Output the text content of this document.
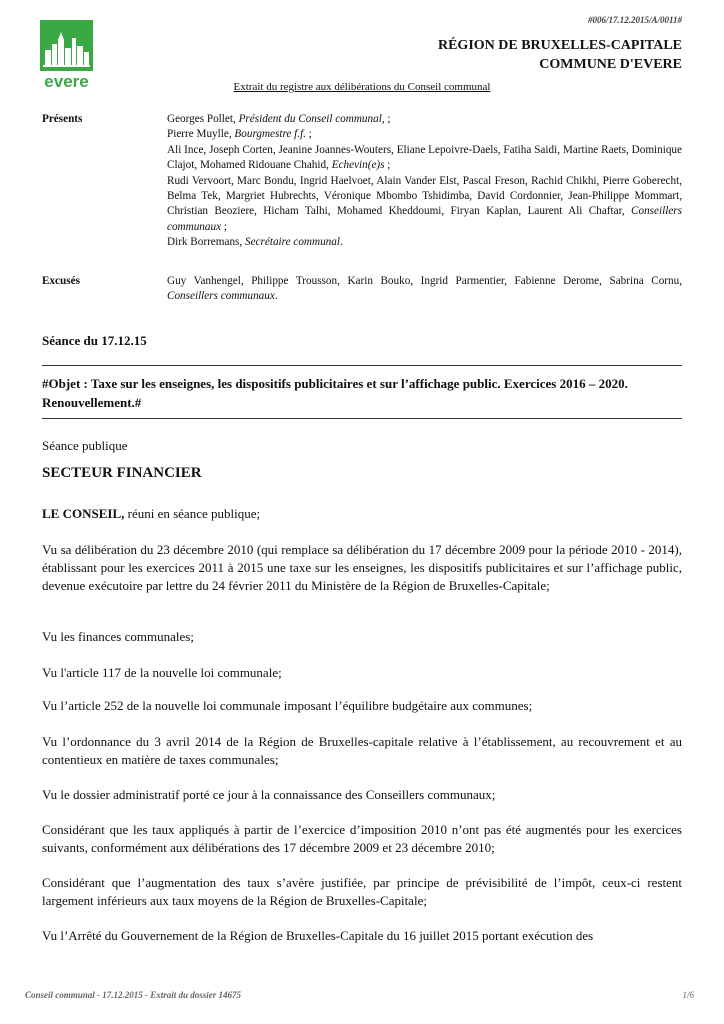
#006/17.12.2015/A/0011#
evere
RÉGION DE BRUXELLES-CAPITALE
COMMUNE D'EVERE
Extrait du registre aux délibérations du Conseil communal
Présents	Georges Pollet, Président du Conseil communal, ;
Pierre Muylle, Bourgmestre f.f. ;
Ali Ince, Joseph Corten, Jeanine Joannes-Wouters, Eliane Lepoivre-Daels, Fatiha Saidi, Martine Raets, Dominique Clajot, Mohamed Ridouane Chahid, Echevin(e)s ;
Rudi Vervoort, Marc Bondu, Ingrid Haelvoet, Alain Vander Elst, Pascal Freson, Rachid Chikhi, Pierre Goberecht, Belma Tek, Margriet Hubrechts, Véronique Mbombo Tshidimba, David Cordonnier, Jean-Philippe Mommart, Christian Beoziere, Hicham Talhi, Mohamed Kheddoumi, Firyan Kaplan, Laurent Ali Chaftar, Conseillers communaux ;
Dirk Borremans, Secrétaire communal.
Excusés	Guy Vanhengel, Philippe Trousson, Karin Bouko, Ingrid Parmentier, Fabienne Derome, Sabrina Cornu, Conseillers communaux.
Séance du 17.12.15
#Objet : Taxe sur les enseignes, les dispositifs publicitaires et sur l’affichage public. Exercices 2016 – 2020. Renouvellement.#
Séance publique
SECTEUR FINANCIER
LE CONSEIL, réuni en séance publique;
Vu sa délibération du 23 décembre 2010 (qui remplace sa délibération du 17 décembre 2009 pour la période 2010 - 2014), établissant pour les exercices 2011 à 2015 une taxe sur les enseignes, les dispositifs publicitaires et sur l’affichage public, devenue exécutoire par lettre du 24 février 2011 du Ministère de la Région de Bruxelles-Capitale;
Vu les finances communales;
Vu l'article 117 de la nouvelle loi communale;
Vu l’article 252 de la nouvelle loi communale imposant l’équilibre budgétaire aux communes;
Vu l’ordonnance du 3 avril 2014 de la Région de Bruxelles-capitale relative à l’établissement, au recouvrement et au contentieux en matière de taxes communales;
Vu le dossier administratif porté ce jour à la connaissance des Conseillers communaux;
Considérant que les taux appliqués à partir de l’exercice d’imposition 2010 n’ont pas été augmentés pour les exercices suivants, conformément aux délibérations des 17 décembre 2009 et 23 décembre 2010;
Considérant que l’augmentation des taux s’avère justifiée, par principe de prévisibilité de l’impôt, ceux-ci restent largement inférieurs aux taux moyens de la Région de Bruxelles-Capitale;
Vu l’Arrêté du Gouvernement de la Région de Bruxelles-Capitale du 16 juillet 2015 portant exécution des
Conseil communal - 17.12.2015 - Extrait du dossier 14675	1/6
